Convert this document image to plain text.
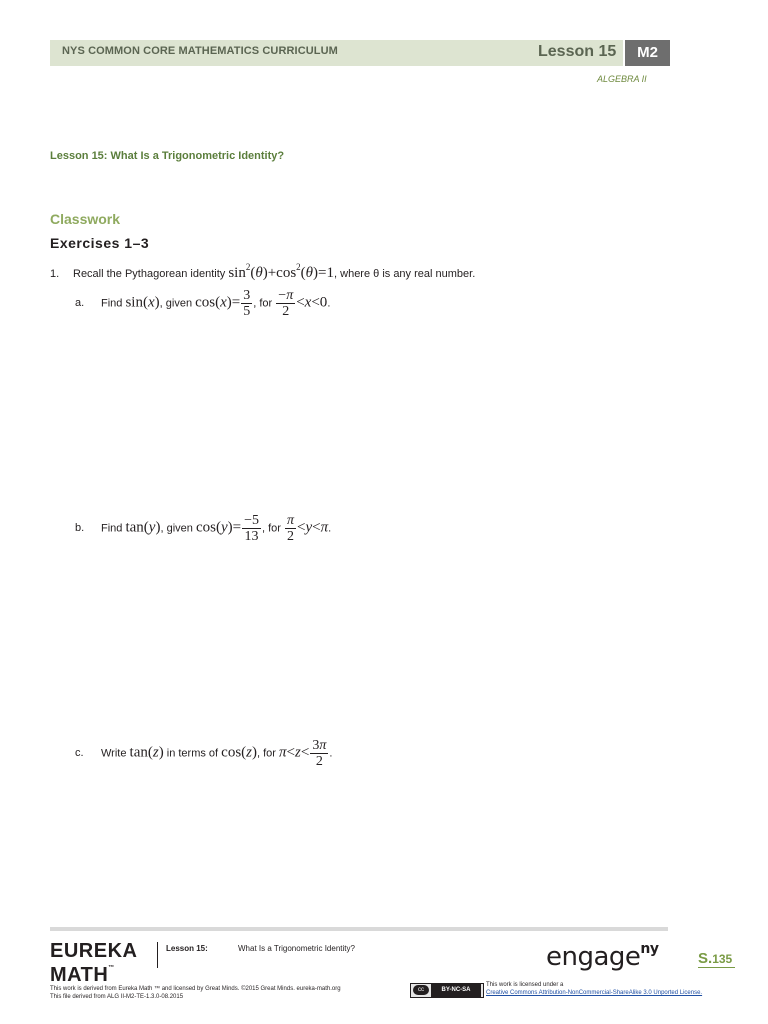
NYS COMMON CORE MATHEMATICS CURRICULUM	Lesson 15	M2
ALGEBRA II
Lesson 15: What Is a Trigonometric Identity?
Classwork
Exercises 1–3
1. Recall the Pythagorean identity $\sin^2(\theta)+\cos^2(\theta)=1$, where θ is any real number.
a. Find sin(x), given $\cos(x)= \frac{3}{5}$ , for $\frac{-\pi}{2} <x<0$.
b. Find tan(y), given $\cos(y)= \frac{-5}{13}$ , for $\frac{\pi}{2} <y<\pi$.
c. Write tan(z) in terms of cos(z), for $\pi<z< \frac{3\pi}{2}$ .
EUREKA
MATH™
Lesson 15:	What Is a Trigonometric Identity?	engage$^{ny}$
S.135
This work is derived from Eureka Math ™ and licensed by Great Minds. ©2015 Great Minds. eureka-math.org
This file derived from ALG II-M2-TE-1.3.0-08.2015
cc	BY-NC-SA
This work is licensed under a
Creative Commons Attribution-NonCommercial-ShareAlike 3.0 Unported License.
